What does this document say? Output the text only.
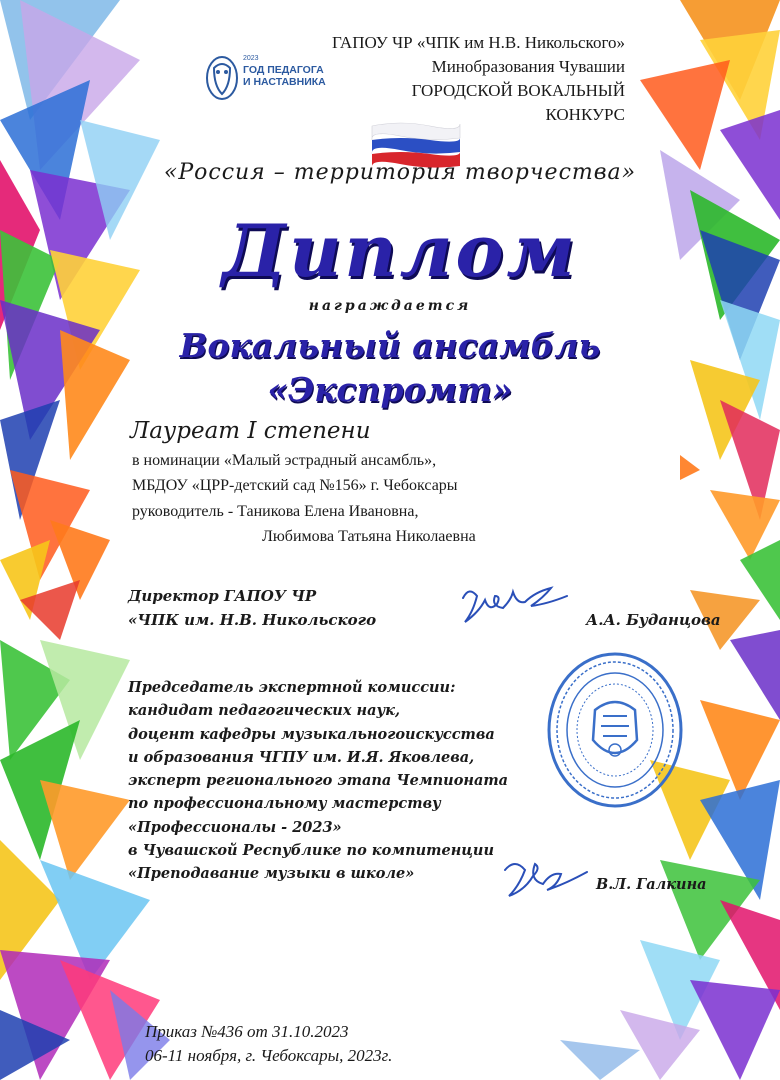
2023
ГОД ПЕДАГОГА
И НАСТАВНИКА
ГАПОУ ЧР «ЧПК им Н.В. Никольского»
Минобразования Чувашии
ГОРОДСКОЙ ВОКАЛЬНЫЙ
КОНКУРС
«Россия – территория творчества»
Диплом
награждается
Вокальный ансамбль
«Экспромт»
Лауреат I степени
в номинации «Малый эстрадный ансамбль»,
МБДОУ «ЦРР-детский сад №156» г. Чебоксары
руководитель - Таникова Елена Ивановна,
Любимова Татьяна Николаевна
Директор ГАПОУ ЧР
«ЧПК им. Н.В. Никольского	А.А. Буданцова
Председатель экспертной комиссии:
кандидат педагогических наук,
доцент кафедры музыкальногоискусства
и образования ЧГПУ им. И.Я. Яковлева,
эксперт регионального этапа Чемпионата
по профессиональному мастерству
«Профессионалы - 2023»
в Чувашской Республике по компитенции
«Преподавание музыки в школе»
В.Л. Галкина
Приказ №436 от 31.10.2023
06-11 ноября, г. Чебоксары, 2023г.
